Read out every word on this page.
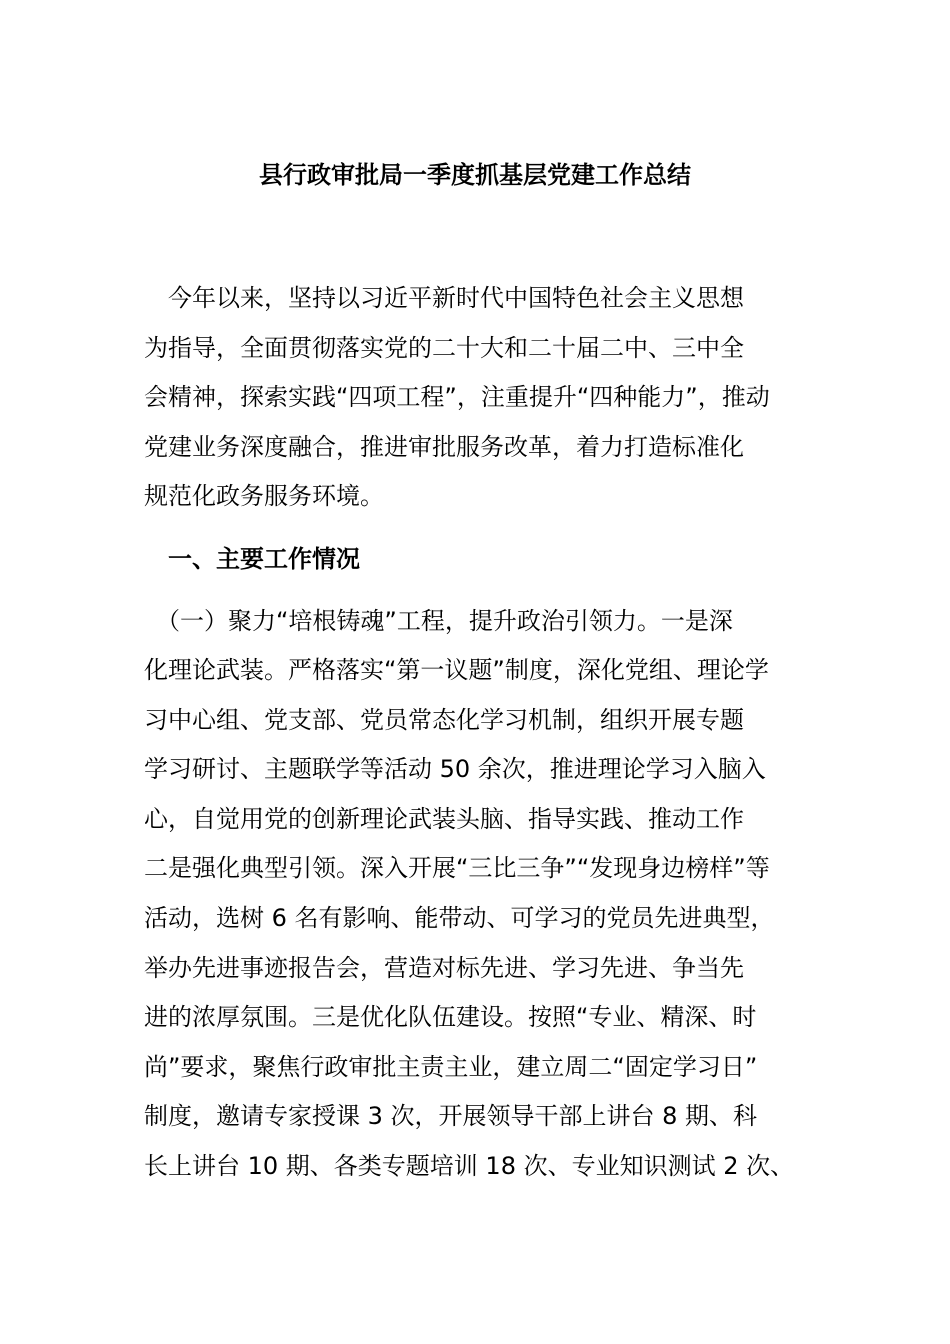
县行政审批局一季度抓基层党建工作总结
　今年以来，坚持以习近平新时代中国特色社会主义思想
为指导，全面贯彻落实党的二十大和二十届二中、三中全
会精神，探索实践“四项工程”，注重提升“四种能力”，推动
党建业务深度融合，推进审批服务改革，着力打造标准化
规范化政务服务环境。
　一、主要工作情况
　（一）聚力“培根铸魂”工程，提升政治引领力。一是深
化理论武装。严格落实“第一议题”制度，深化党组、理论学
习中心组、党支部、党员常态化学习机制，组织开展专题
学习研讨、主题联学等活动 50 余次，推进理论学习入脑入
心，自觉用党的创新理论武装头脑、指导实践、推动工作
二是强化典型引领。深入开展“三比三争”“发现身边榜样”等
活动，选树 6 名有影响、能带动、可学习的党员先进典型，
举办先进事迹报告会，营造对标先进、学习先进、争当先
进的浓厚氛围。三是优化队伍建设。按照“专业、精深、时
尚”要求，聚焦行政审批主责主业，建立周二“固定学习日”
制度，邀请专家授课 3 次，开展领导干部上讲台 8 期、科
长上讲台 10 期、各类专题培训 18 次、专业知识测试 2 次、
